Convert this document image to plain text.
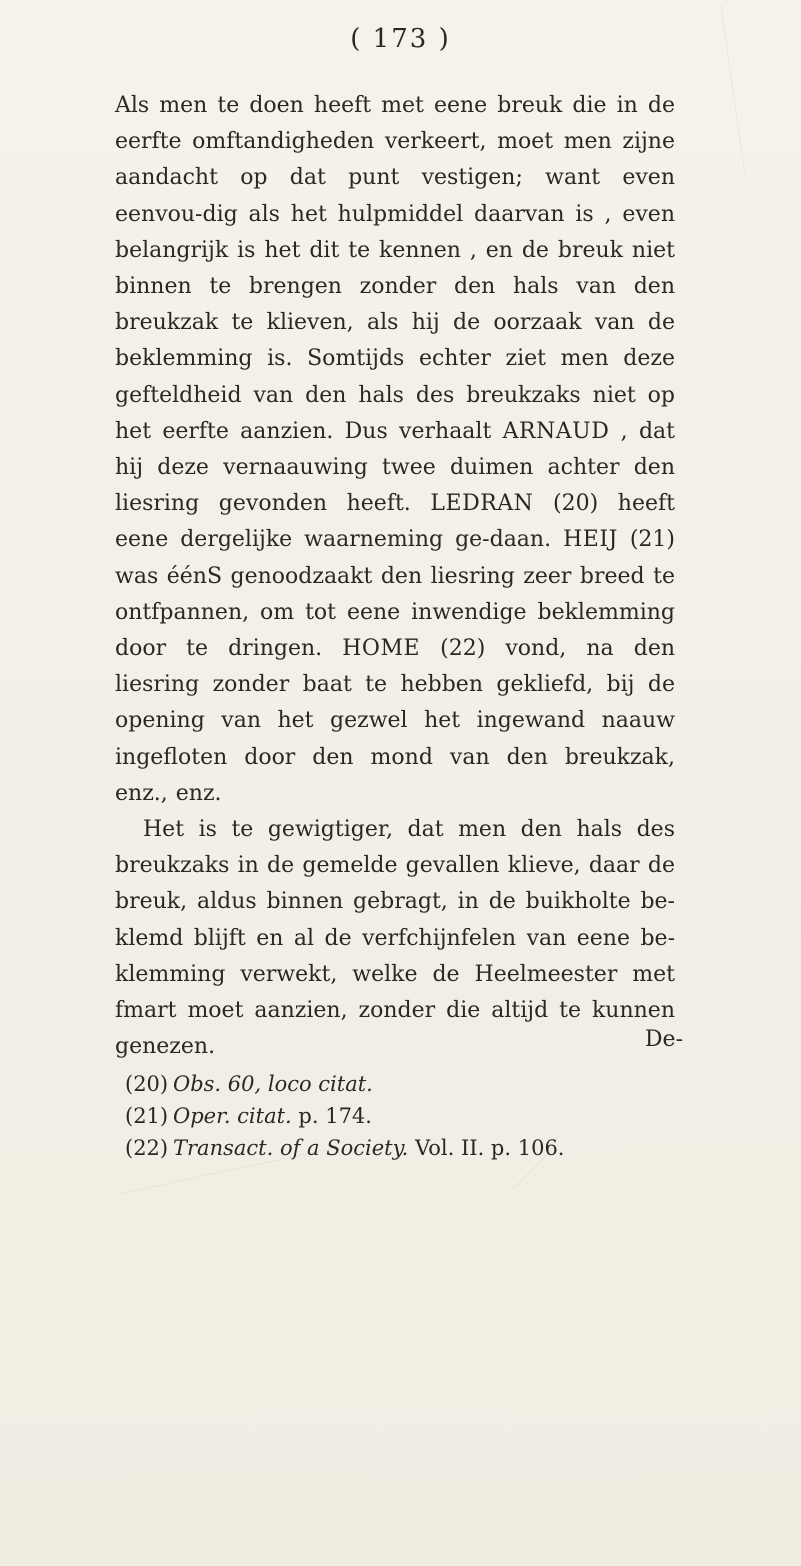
( 173 )

Als men te doen heeft met eene breuk die in de eerfte omftandigheden verkeert, moet men zijne aandacht op dat punt vestigen; want even eenvou-dig als het hulpmiddel daarvan is , even belangrijk is het dit te kennen , en de breuk niet binnen te brengen zonder den hals van den breukzak te klieven, als hij de oorzaak van de beklemming is. Somtijds echter ziet men deze gefteldheid van den hals des breukzaks niet op het eerfte aanzien. Dus verhaalt ARNAUD , dat hij deze vernaauwing twee duimen achter den liesring gevonden heeft. LEDRAN (20) heeft eene dergelijke waarneming ge-daan. HEIJ (21) was éénS genoodzaakt den liesring zeer breed te ontfpannen, om tot eene inwendige beklemming door te dringen. HOME (22) vond, na den liesring zonder baat te hebben gekliefd, bij de opening van het gezwel het ingewand naauw ingefloten door den mond van den breukzak, enz., enz.

Het is te gewigtiger, dat men den hals des breukzaks in de gemelde gevallen klieve, daar de breuk, aldus binnen gebragt, in de buikholte be-klemd blijft en al de verfchijnfelen van eene be-klemming verwekt, welke de Heelmeester met fmart moet aanzien, zonder die altijd te kunnen genezen.	De-
(20) Obs. 60, loco citat.
(21) Oper. citat. p. 174.
(22) Transact. of a Society. Vol. II. p. 106.
